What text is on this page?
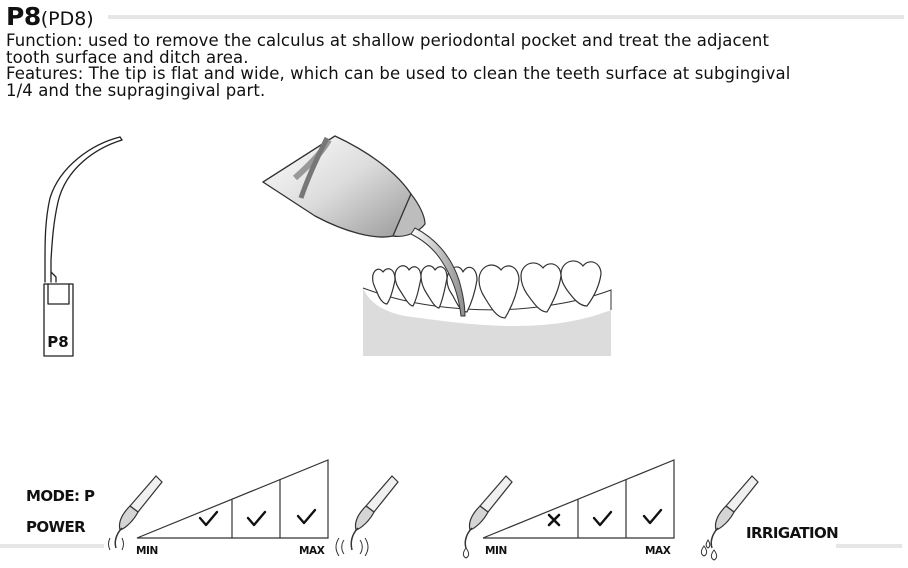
P8(PD8)

Function: used to remove the calculus at shallow periodontal pocket and treat the adjacent

tooth surface and ditch area.

Features: The tip is flat and wide, which can be used to clean the teeth surface at subgingival

1/4 and the supragingival part.

P8
MODE: P
POWER
MIN	MAX	MIN	MAX
IRRIGATION
